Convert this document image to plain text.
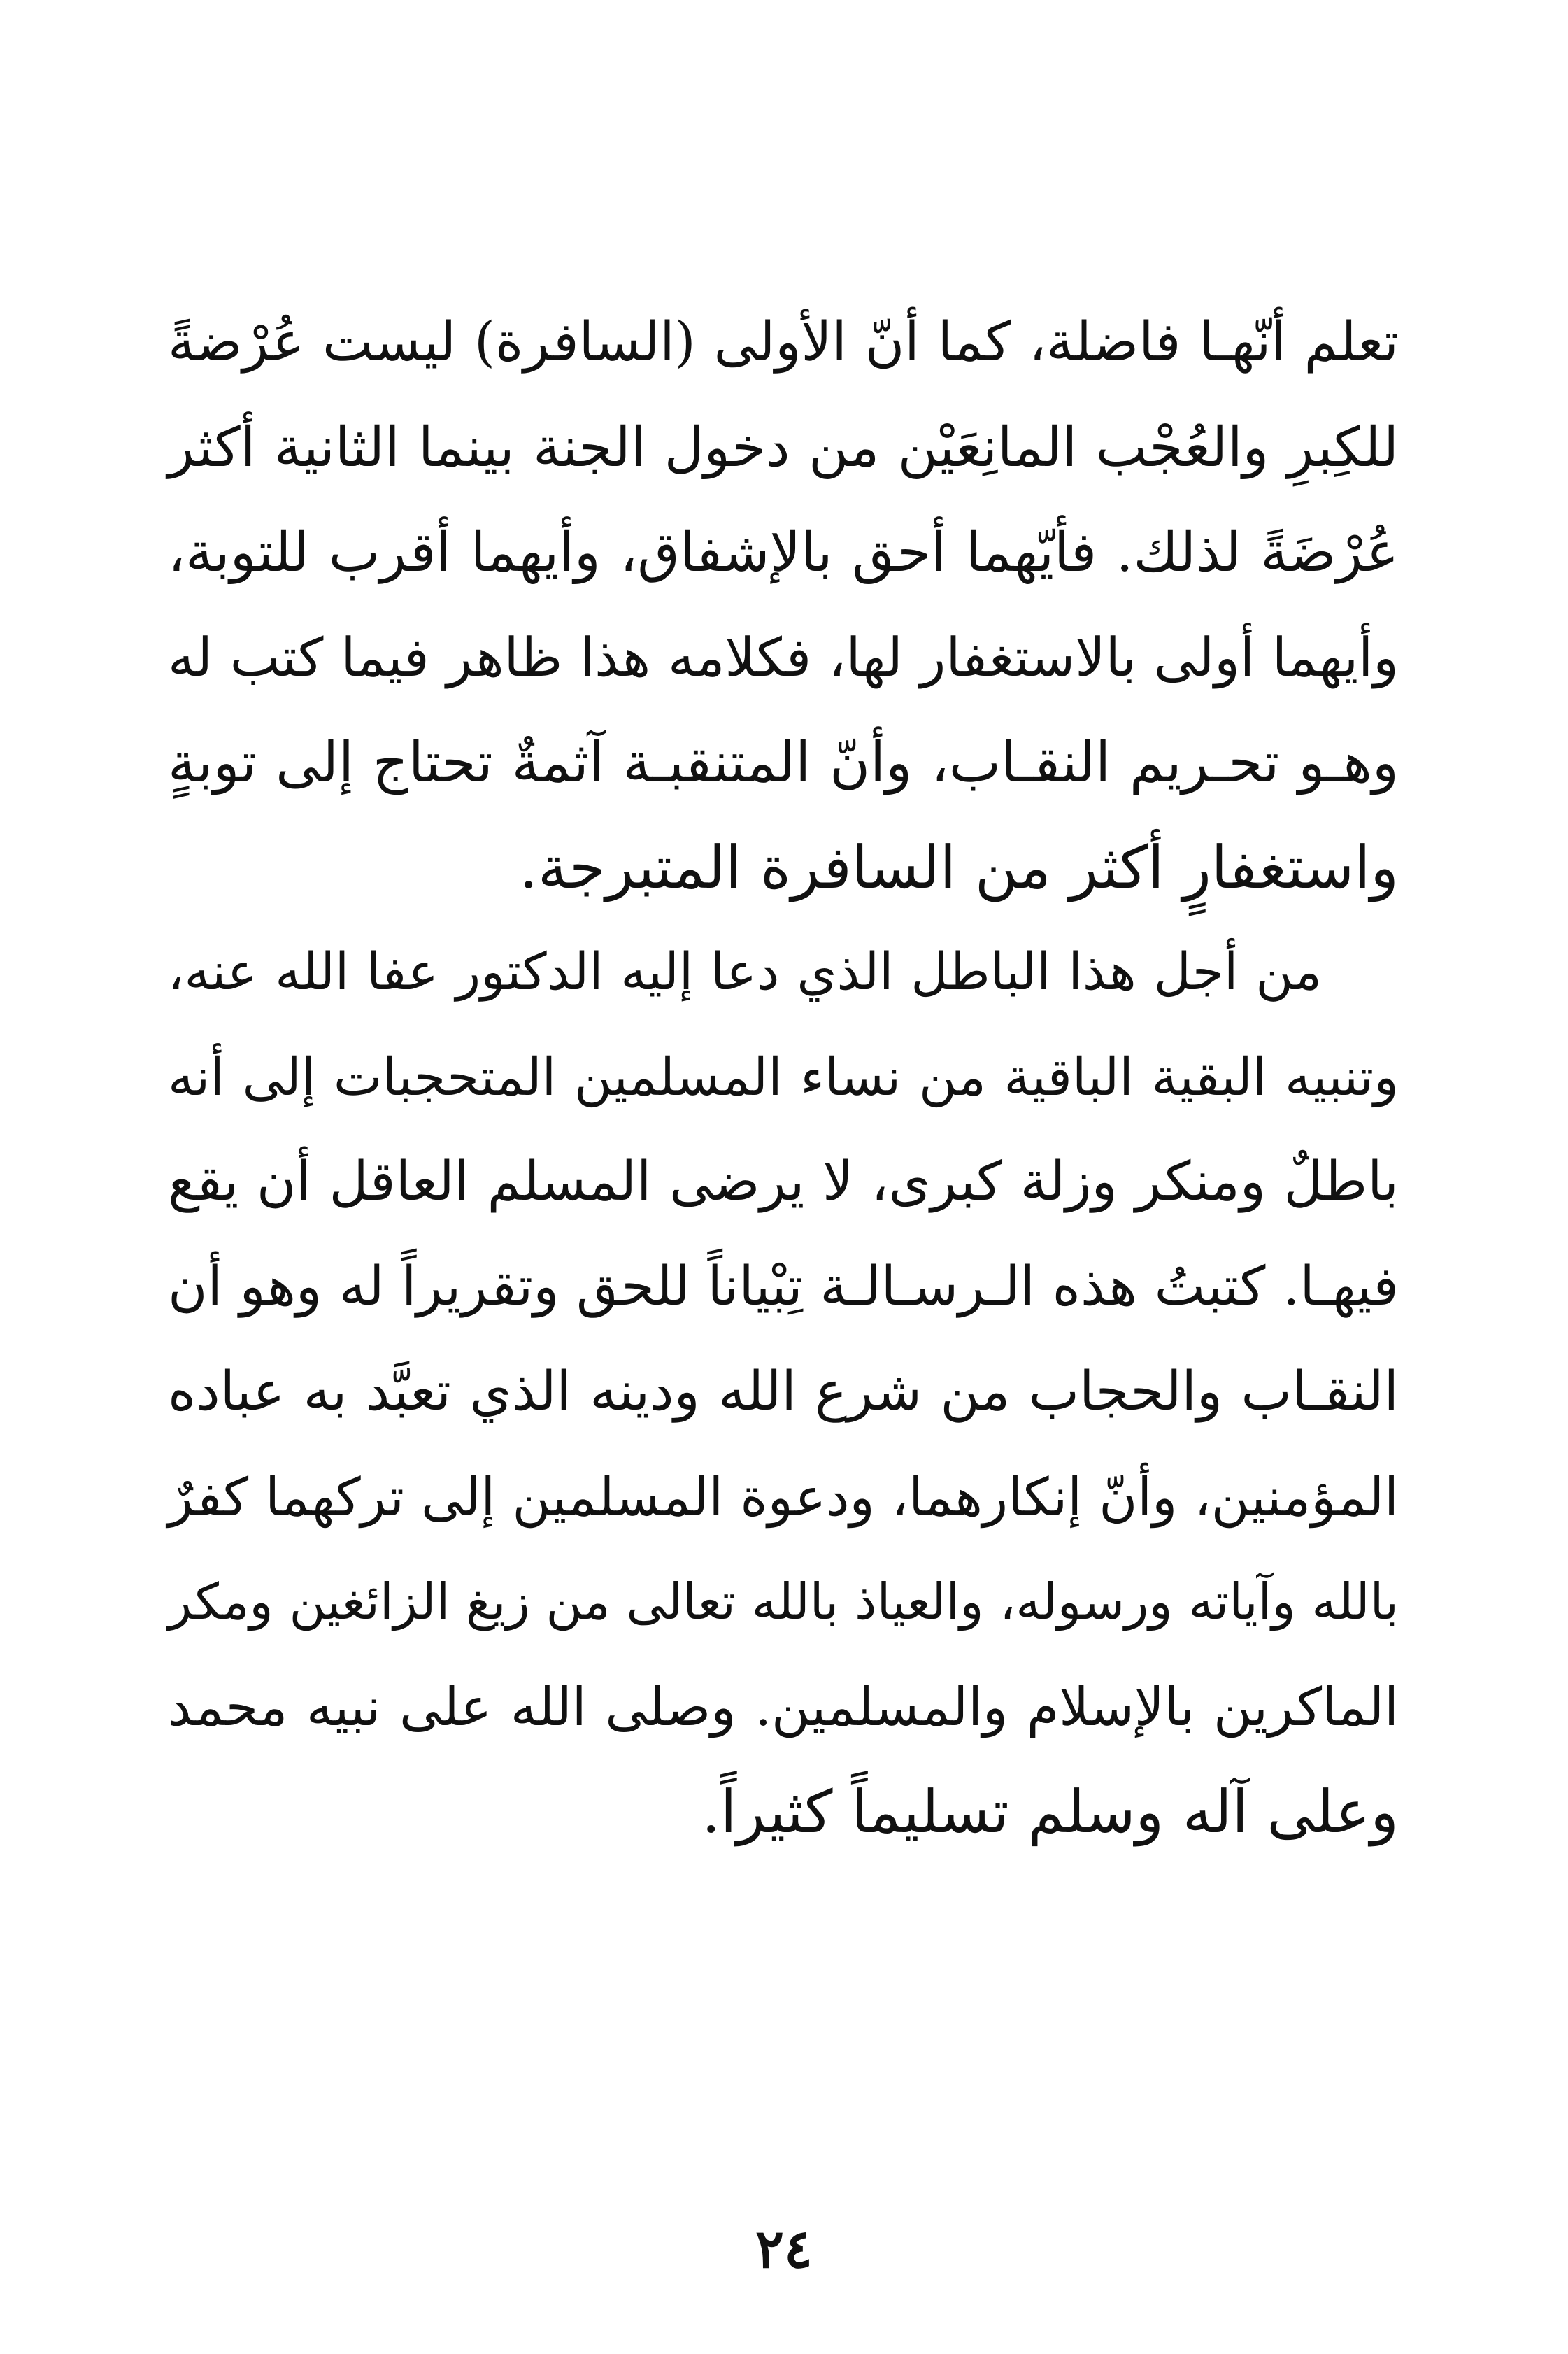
تعلم أنّهـا فاضلة، كما أنّ الأولى (السافرة) ليست عُرْضةً
للكِبرِ والعُجْب المانِعَيْن من دخول الجنة بينما الثانية أكثر
عُرْضَةً لذلك. فأيّهما أحق بالإشفاق، وأيهما أقرب للتوبة،
وأيهما أولى بالاستغفار لها، فكلامه هذا ظاهر فيما كتب له
وهـو تحـريم النقـاب، وأنّ المتنقبـة آثمةٌ تحتاج إلى توبةٍ
واستغفارٍ أكثر من السافرة المتبرجة.
من أجل هذا الباطل الذي دعا إليه الدكتور عفا الله عنه،
وتنبيه البقية الباقية من نساء المسلمين المتحجبات إلى أنه
باطلٌ ومنكر وزلة كبرى، لا يرضى المسلم العاقل أن يقع
فيهـا. كتبتُ هذه الـرسـالـة تِبْياناً للحق وتقريراً له وهو أن
النقـاب والحجاب من شرع الله ودينه الذي تعبَّد به عباده
المؤمنين، وأنّ إنكارهما، ودعوة المسلمين إلى تركهما كفرٌ
بالله وآياته ورسوله، والعياذ بالله تعالى من زيغ الزائغين ومكر
الماكرين بالإسلام والمسلمين. وصلى الله على نبيه محمد
وعلى آله وسلم تسليماً كثيراً.
٢٤
